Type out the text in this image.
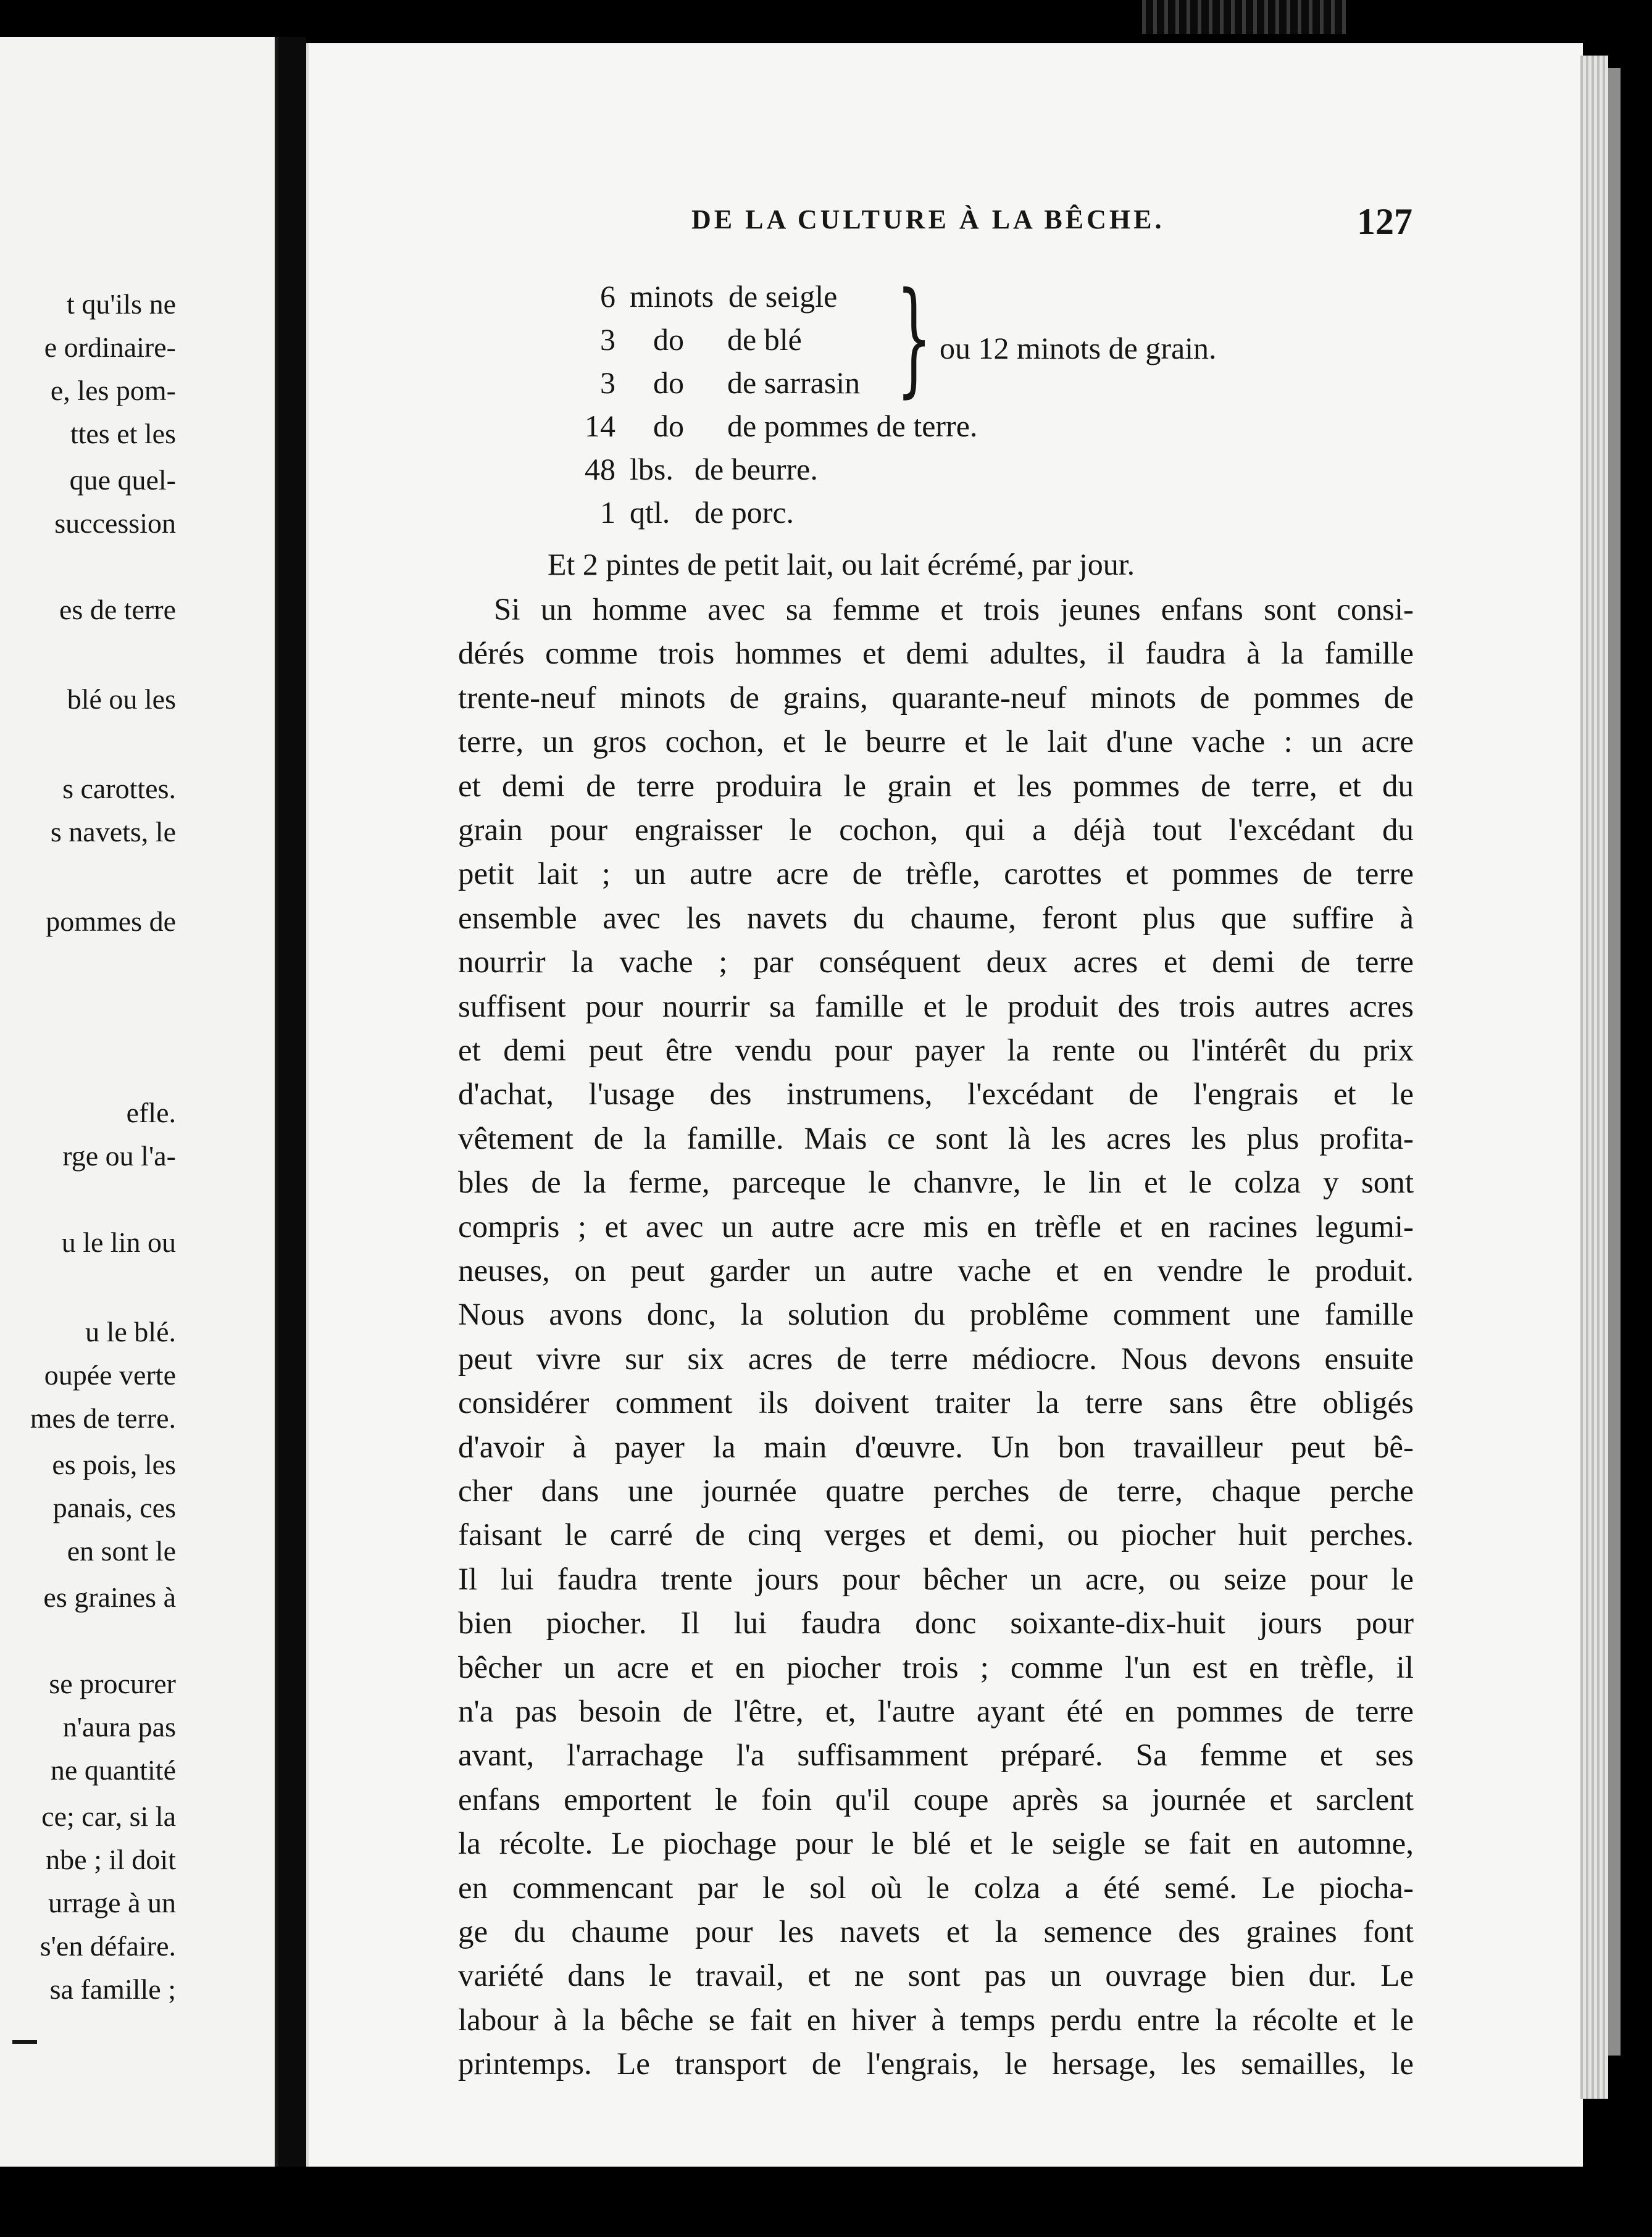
t qu'ils ne
e ordinaire-
e, les pom-
ttes et les
que quel-
succession
es de terre
blé ou les
s carottes.
s navets, le
pommes de
efle.
rge ou l'a-
u le lin ou
u le blé.
oupée verte
mes de terre.
es pois, les
panais, ces
en sont le
es graines à
se procurer
n'aura pas
ne quantité
ce; car, si la
nbe ; il doit
urrage à un
s'en défaire.
sa famille ;
DE LA CULTURE À LA BÊCHE.	127
6 minots de seigle
3 do de blé
3 do de sarrasin
14 do de pommes de terre.
48 lbs. de beurre.
1 qtl. de porc.
} ou 12 minots de grain.
Et 2 pintes de petit lait, ou lait écrémé, par jour.
Si un homme avec sa femme et trois jeunes enfans sont consi-
dérés comme trois hommes et demi adultes, il faudra à la famille
trente-neuf minots de grains, quarante-neuf minots de pommes de
terre, un gros cochon, et le beurre et le lait d'une vache : un acre
et demi de terre produira le grain et les pommes de terre, et du
grain pour engraisser le cochon, qui a déjà tout l'excédant du
petit lait ; un autre acre de trèfle, carottes et pommes de terre
ensemble avec les navets du chaume, feront plus que suffire à
nourrir la vache ; par conséquent deux acres et demi de terre
suffisent pour nourrir sa famille et le produit des trois autres acres
et demi peut être vendu pour payer la rente ou l'intérêt du prix
d'achat, l'usage des instrumens, l'excédant de l'engrais et le
vêtement de la famille. Mais ce sont là les acres les plus profita-
bles de la ferme, parceque le chanvre, le lin et le colza y sont
compris ; et avec un autre acre mis en trèfle et en racines legumi-
neuses, on peut garder un autre vache et en vendre le produit.
Nous avons donc, la solution du problême comment une famille
peut vivre sur six acres de terre médiocre. Nous devons ensuite
considérer comment ils doivent traiter la terre sans être obligés
d'avoir à payer la main d'œuvre. Un bon travailleur peut bê-
cher dans une journée quatre perches de terre, chaque perche
faisant le carré de cinq verges et demi, ou piocher huit perches.
Il lui faudra trente jours pour bêcher un acre, ou seize pour le
bien piocher. Il lui faudra donc soixante-dix-huit jours pour
bêcher un acre et en piocher trois ; comme l'un est en trèfle, il
n'a pas besoin de l'être, et, l'autre ayant été en pommes de terre
avant, l'arrachage l'a suffisamment préparé. Sa femme et ses
enfans emportent le foin qu'il coupe après sa journée et sarclent
la récolte. Le piochage pour le blé et le seigle se fait en automne,
en commencant par le sol où le colza a été semé. Le piocha-
ge du chaume pour les navets et la semence des graines font
variété dans le travail, et ne sont pas un ouvrage bien dur. Le
labour à la bêche se fait en hiver à temps perdu entre la récolte et le
printemps. Le transport de l'engrais, le hersage, les semailles, le
